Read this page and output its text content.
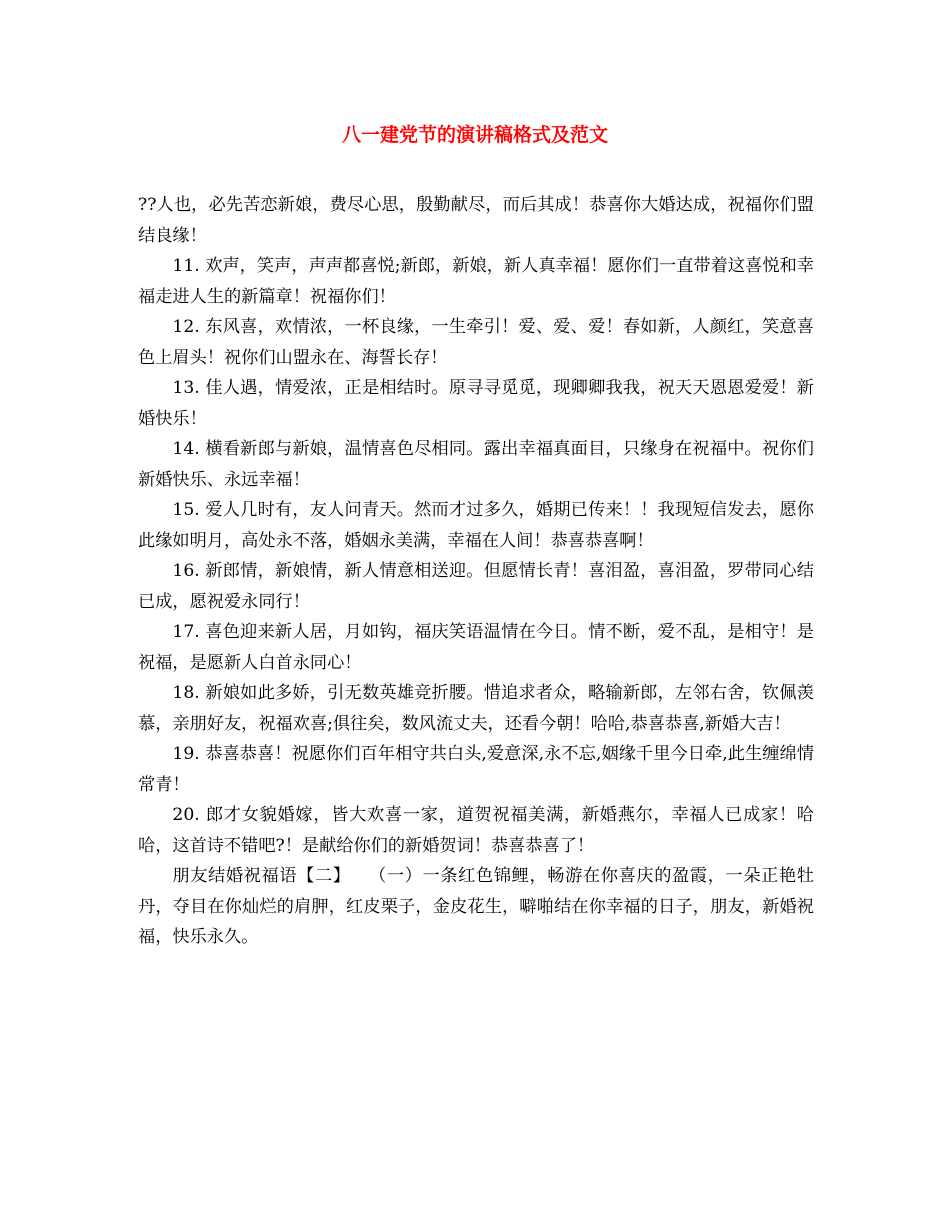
八一建党节的演讲稿格式及范文

??人也，必先苦恋新娘，费尽心思，殷勤献尽，而后其成！恭喜你大婚达成，祝福你们盟结良缘！

11. 欢声，笑声，声声都喜悦;新郎，新娘，新人真幸福！愿你们一直带着这喜悦和幸福走进人生的新篇章！祝福你们！

12. 东风喜，欢情浓，一杯良缘，一生牵引！爱、爱、爱！春如新，人颜红，笑意喜色上眉头！祝你们山盟永在、海誓长存！

13. 佳人遇，情爱浓，正是相结时。原寻寻觅觅，现卿卿我我，祝天天恩恩爱爱！新婚快乐！

14. 横看新郎与新娘，温情喜色尽相同。露出幸福真面目，只缘身在祝福中。祝你们新婚快乐、永远幸福！

15. 爱人几时有，友人问青天。然而才过多久，婚期已传来！！我现短信发去，愿你此缘如明月，高处永不落，婚姻永美满，幸福在人间！恭喜恭喜啊！

16. 新郎情，新娘情，新人情意相送迎。但愿情长青！喜泪盈，喜泪盈，罗带同心结已成，愿祝爱永同行！

17. 喜色迎来新人居，月如钩，福庆笑语温情在今日。情不断，爱不乱，是相守！是祝福，是愿新人白首永同心！

18. 新娘如此多娇，引无数英雄竞折腰。惜追求者众，略输新郎，左邻右舍，钦佩羡慕，亲朋好友，祝福欢喜;俱往矣，数风流丈夫，还看今朝！哈哈,恭喜恭喜,新婚大吉！

19. 恭喜恭喜！祝愿你们百年相守共白头,爱意深,永不忘,姻缘千里今日牵,此生缠绵情常青！

20. 郎才女貌婚嫁，皆大欢喜一家，道贺祝福美满，新婚燕尔，幸福人已成家！哈哈，这首诗不错吧?！是献给你们的新婚贺词！恭喜恭喜了！

朋友结婚祝福语【二】　　（一）一条红色锦鲤，畅游在你喜庆的盈霞，一朵正艳牡丹，夺目在你灿烂的肩胛，红皮栗子，金皮花生，噼啪结在你幸福的日子，朋友，新婚祝福，快乐永久。
